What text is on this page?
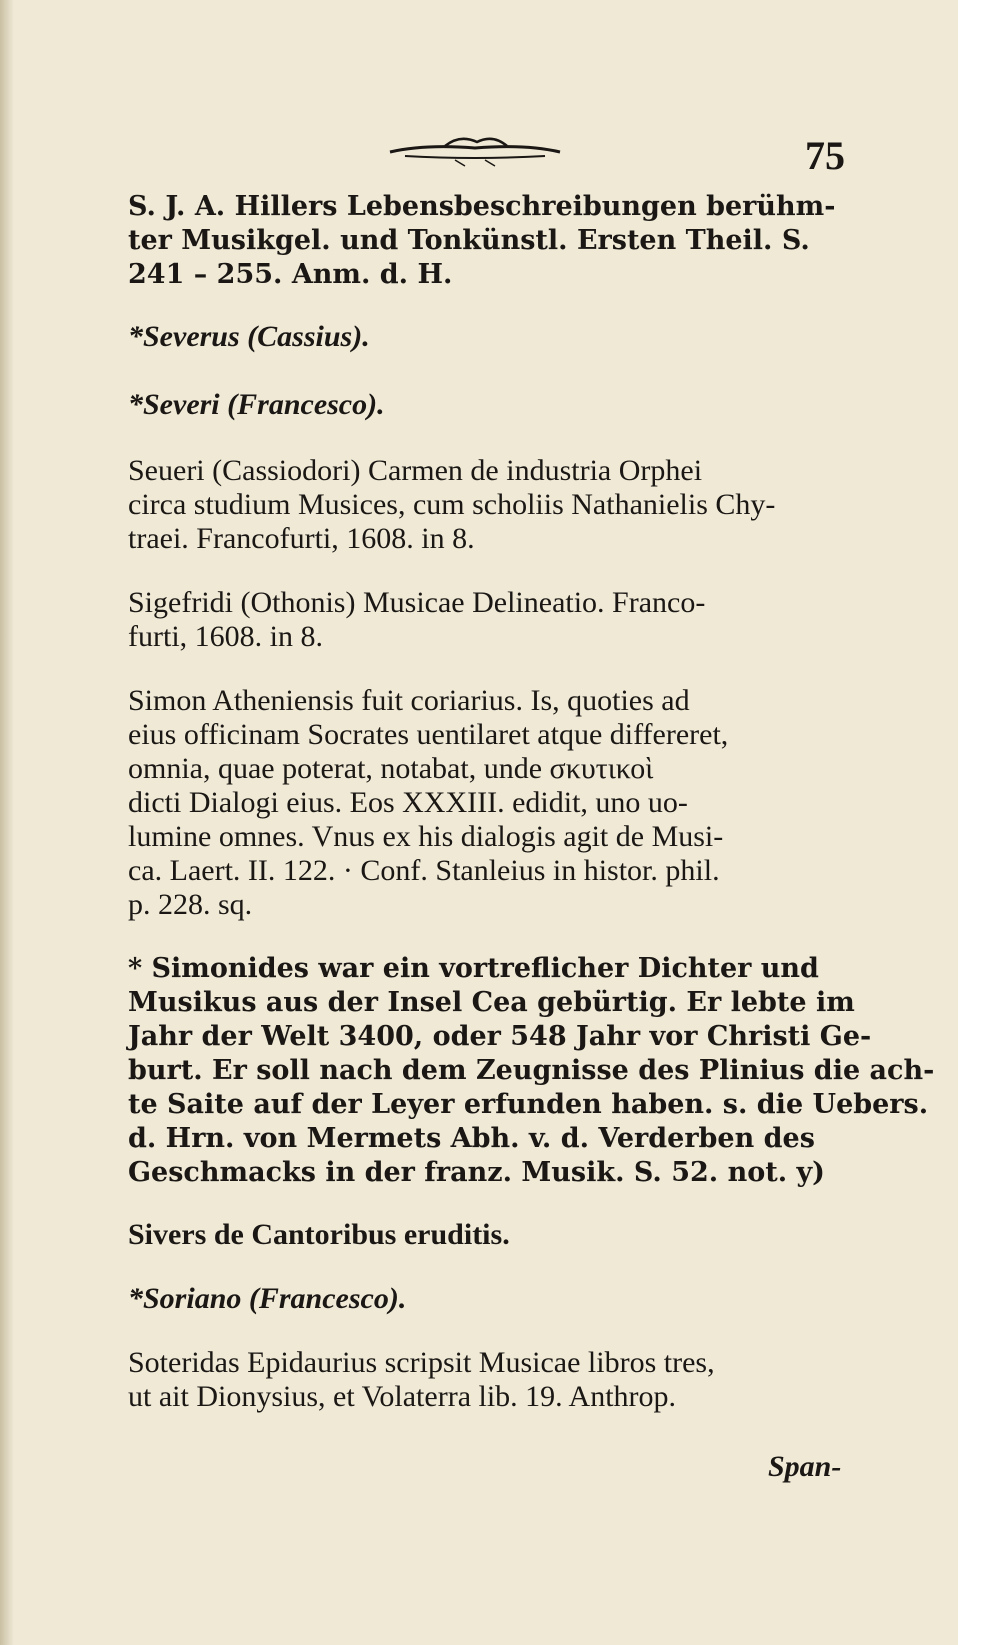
75
S. J. A. Hillers Lebensbeschreibungen berühm-
ter Musikgel. und Tonkünstl. Ersten Theil. S.
241 – 255. Anm. d. H.
*Severus (Cassius).
*Severi (Francesco).
Seueri (Cassiodori) Carmen de industria Orphei
circa studium Musices, cum scholiis Nathanielis Chy-
traei. Francofurti, 1608. in 8.
Sigefridi (Othonis) Musicae Delineatio. Franco-
furti, 1608. in 8.
Simon Atheniensis fuit coriarius. Is, quoties ad
eius officinam Socrates uentilaret atque differeret,
omnia, quae poterat, notabat, unde σκυτικοὶ
dicti Dialogi eius. Eos XXXIII. edidit, uno uo-
lumine omnes. Vnus ex his dialogis agit de Musi-
ca. Laert. II. 122. · Conf. Stanleius in histor. phil.
p. 228. sq.
* Simonides war ein vortreflicher Dichter und
Musikus aus der Insel Cea gebürtig. Er lebte im
Jahr der Welt 3400, oder 548 Jahr vor Christi Ge-
burt. Er soll nach dem Zeugnisse des Plinius die ach-
te Saite auf der Leyer erfunden haben. s. die Uebers.
d. Hrn. von Mermets Abh. v. d. Verderben des
Geschmacks in der franz. Musik. S. 52. not. y)
Sivers de Cantoribus eruditis.
*Soriano (Francesco).
Soteridas Epidaurius scripsit Musicae libros tres,
ut ait Dionysius, et Volaterra lib. 19. Anthrop.
Span-
